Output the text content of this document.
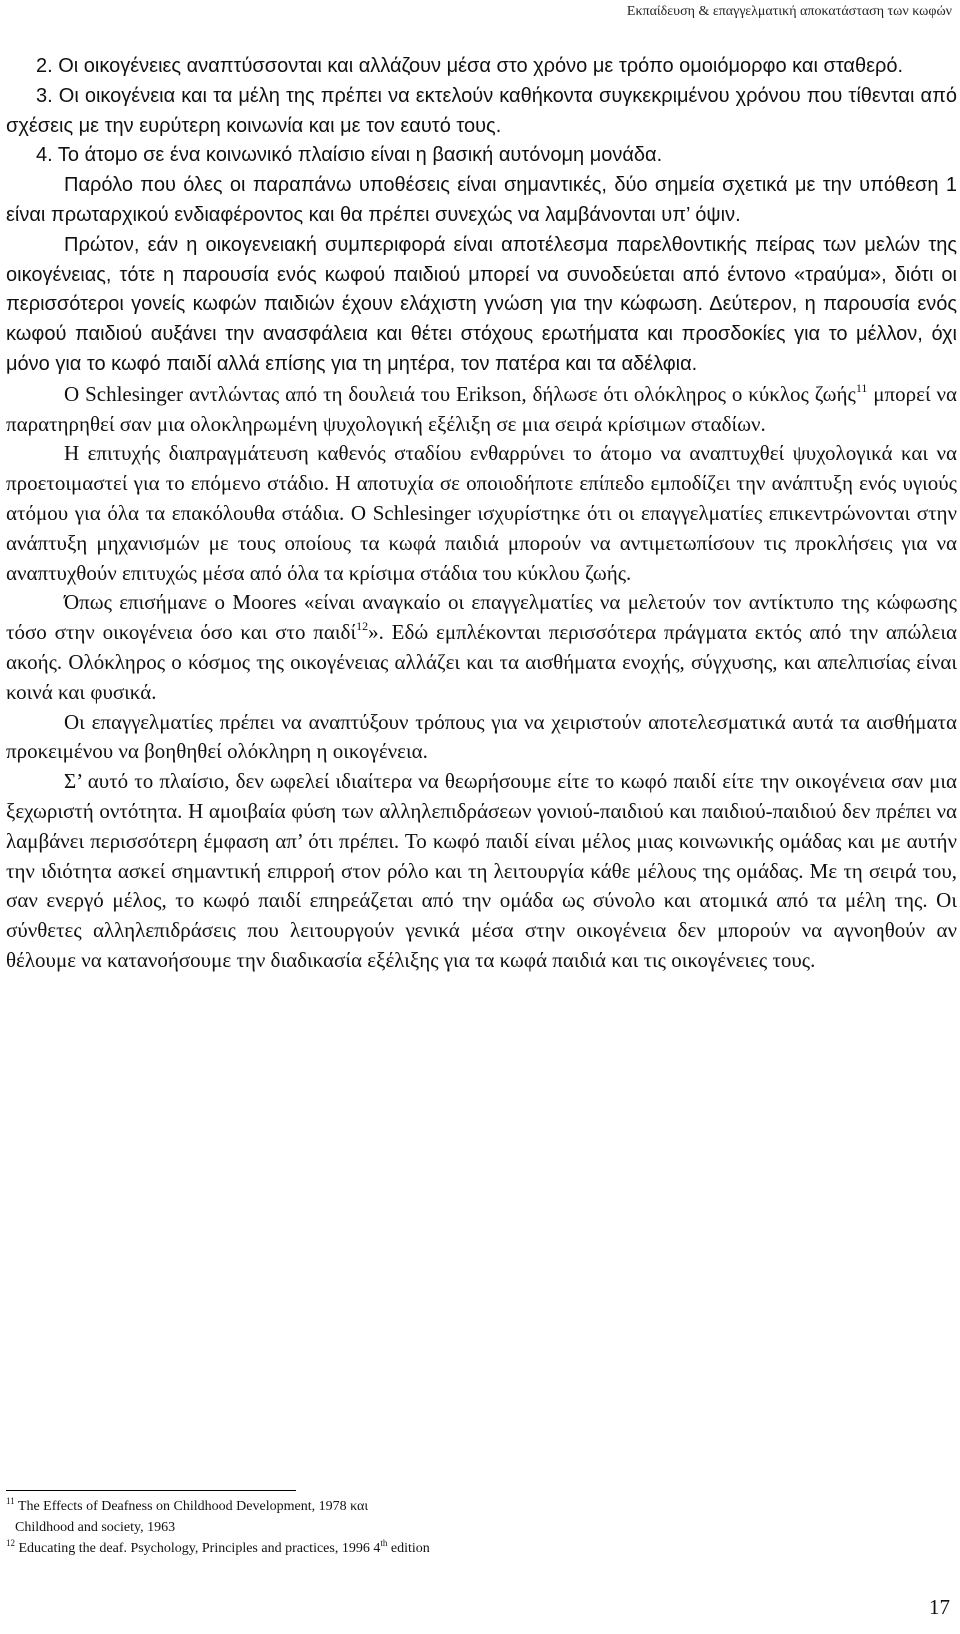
Εκπαίδευση & επαγγελματική αποκατάσταση των κωφών

2. Οι οικογένειες αναπτύσσονται και αλλάζουν μέσα στο χρόνο με τρόπο ομοιόμορφο και σταθερό.

3. Οι οικογένεια και τα μέλη της πρέπει να εκτελούν καθήκοντα συγκεκριμένου χρόνου που τίθενται από σχέσεις με την ευρύτερη κοινωνία και με τον εαυτό τους.

4. Το άτομο σε ένα κοινωνικό πλαίσιο είναι η βασική αυτόνομη μονάδα.

Παρόλο που όλες οι παραπάνω υποθέσεις είναι σημαντικές, δύο σημεία σχετικά με την υπόθεση 1 είναι πρωταρχικού ενδιαφέροντος και θα πρέπει συνεχώς να λαμβάνονται υπ’ όψιν.

Πρώτον, εάν η οικογενειακή συμπεριφορά είναι αποτέλεσμα παρελθοντικής πείρας των μελών της οικογένειας, τότε η παρουσία ενός κωφού παιδιού μπορεί να συνοδεύεται από έντονο «τραύμα», διότι οι περισσότεροι γονείς κωφών παιδιών έχουν ελάχιστη γνώση για την κώφωση. Δεύτερον, η παρουσία ενός κωφού παιδιού αυξάνει την ανασφάλεια και θέτει στόχους ερωτήματα και προσδοκίες για το μέλλον, όχι μόνο για το κωφό παιδί αλλά επίσης για τη μητέρα, τον πατέρα και τα αδέλφια.

Ο Schlesinger αντλώντας από τη δουλειά του Erikson, δήλωσε ότι ολόκληρος ο κύκλος ζωής$^{11}$ μπορεί να παρατηρηθεί σαν μια ολοκληρωμένη ψυχολογική εξέλιξη σε μια σειρά κρίσιμων σταδίων.

Η επιτυχής διαπραγμάτευση καθενός σταδίου ενθαρρύνει το άτομο να αναπτυχθεί ψυχολογικά και να προετοιμαστεί για το επόμενο στάδιο. Η αποτυχία σε οποιοδήποτε επίπεδο εμποδίζει την ανάπτυξη ενός υγιούς ατόμου για όλα τα επακόλουθα στάδια. Ο Schlesinger ισχυρίστηκε ότι οι επαγγελματίες επικεντρώνονται στην ανάπτυξη μηχανισμών με τους οποίους τα κωφά παιδιά μπορούν να αντιμετωπίσουν τις προκλήσεις για να αναπτυχθούν επιτυχώς μέσα από όλα τα κρίσιμα στάδια του κύκλου ζωής.

Όπως επισήμανε ο Moores «είναι αναγκαίο οι επαγγελματίες να μελετούν τον αντίκτυπο της κώφωσης τόσο στην οικογένεια όσο και στο παιδί$^{12}$». Εδώ εμπλέκονται περισσότερα πράγματα εκτός από την απώλεια ακοής. Ολόκληρος ο κόσμος της οικογένειας αλλάζει και τα αισθήματα ενοχής, σύγχυσης, και απελπισίας είναι κοινά και φυσικά.

Οι επαγγελματίες πρέπει να αναπτύξουν τρόπους για να χειριστούν αποτελεσματικά αυτά τα αισθήματα προκειμένου να βοηθηθεί ολόκληρη η οικογένεια.

Σ’ αυτό το πλαίσιο, δεν ωφελεί ιδιαίτερα να θεωρήσουμε είτε το κωφό παιδί είτε την οικογένεια σαν μια ξεχωριστή οντότητα. Η αμοιβαία φύση των αλληλεπιδράσεων γονιού-παιδιού και παιδιού-παιδιού δεν πρέπει να λαμβάνει περισσότερη έμφαση απ’ ότι πρέπει. Το κωφό παιδί είναι μέλος μιας κοινωνικής ομάδας και με αυτήν την ιδιότητα ασκεί σημαντική επιρροή στον ρόλο και τη λειτουργία κάθε μέλους της ομάδας. Με τη σειρά του, σαν ενεργό μέλος, το κωφό παιδί επηρεάζεται από την ομάδα ως σύνολο και ατομικά από τα μέλη της. Οι σύνθετες αλληλεπιδράσεις που λειτουργούν γενικά μέσα στην οικογένεια δεν μπορούν να αγνοηθούν αν θέλουμε να κατανοήσουμε την διαδικασία εξέλιξης για τα κωφά παιδιά και τις οικογένειες τους.

$^{11}$ The Effects of Deafness on Childhood Development, 1978 και

Childhood and society, 1963

$^{12}$ Educating the deaf. Psychology, Principles and practices, 1996 4th edition

17
